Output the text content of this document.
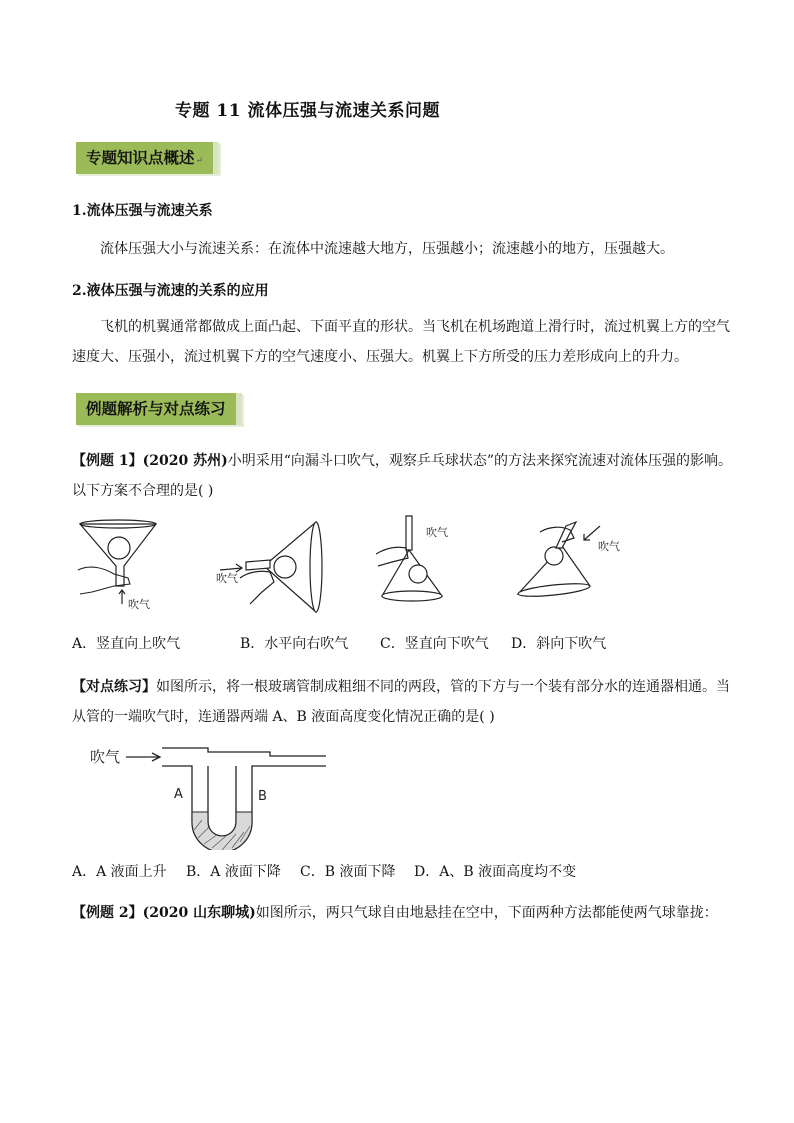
专题 11 流体压强与流速关系问题
专题知识点概述↵
1.流体压强与流速关系
流体压强大小与流速关系：在流体中流速越大地方，压强越小；流速越小的地方，压强越大。
2.液体压强与流速的关系的应用
飞机的机翼通常都做成上面凸起、下面平直的形状。当飞机在机场跑道上滑行时，流过机翼上方的空气速度大、压强小，流过机翼下方的空气速度小、压强大。机翼上下方所受的压力差形成向上的升力。
例题解析与对点练习
【例题 1】(2020 苏州)小明采用“向漏斗口吹气，观察乒乓球状态”的方法来探究流速对流体压强的影响。以下方案不合理的是( )
吹气
吹气
吹气
吹气
A．竖直向上吹气	B．水平向右吹气 C．竖直向下吹气 D．斜向下吹气
【对点练习】如图所示，将一根玻璃管制成粗细不同的两段，管的下方与一个装有部分水的连通器相通。当从管的一端吹气时，连通器两端 A、B 液面高度变化情况正确的是( )
吹气
A	B
A．A 液面上升 B．A 液面下降 C．B 液面下降 D．A、B 液面高度均不变
【例题 2】(2020 山东聊城)如图所示，两只气球自由地悬挂在空中，下面两种方法都能使两气球靠拢：
